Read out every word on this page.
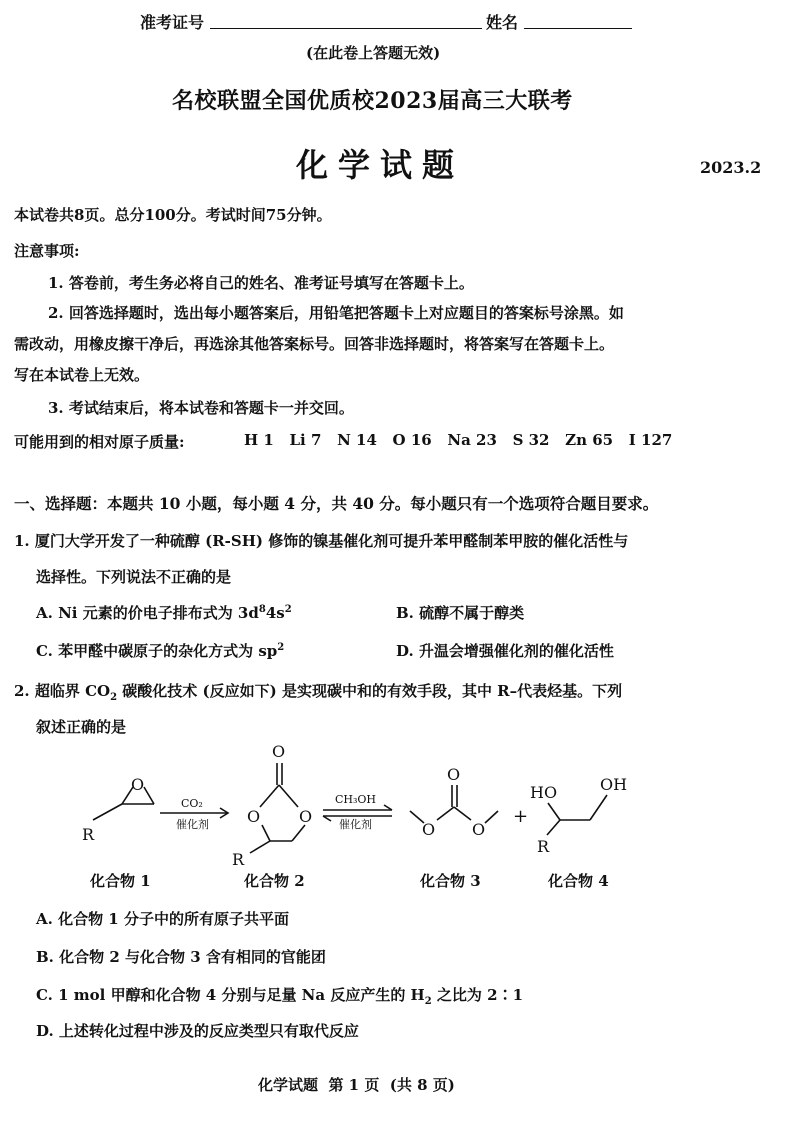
准考证号	姓名
(在此卷上答题无效)
名校联盟全国优质校2023届高三大联考
化学试题	2023.2
本试卷共8页。总分100分。考试时间75分钟。
注意事项:
1. 答卷前，考生务必将自己的姓名、准考证号填写在答题卡上。
2. 回答选择题时，选出每小题答案后，用铅笔把答题卡上对应题目的答案标号涂黑。如
需改动，用橡皮擦干净后，再选涂其他答案标号。回答非选择题时，将答案写在答题卡上。
写在本试卷上无效。
3. 考试结束后，将本试卷和答题卡一并交回。
可能用到的相对原子质量:	H 1   Li 7   N 14   O 16   Na 23   S 32   Zn 65   I 127
一、选择题：本题共 10 小题，每小题 4 分，共 40 分。每小题只有一个选项符合题目要求。
1. 厦门大学开发了一种硫醇 (R-SH) 修饰的镍基催化剂可提升苯甲醛制苯甲胺的催化活性与
选择性。下列说法不正确的是
A. Ni 元素的价电子排布式为 $3d^84s^2$	B. 硫醇不属于醇类
C. 苯甲醛中碳原子的杂化方式为 $sp^2$	D. 升温会增强催化剂的催化活性
2. 超临界 $CO_2$ 碳酸化技术 (反应如下) 是实现碳中和的有效手段，其中 R–代表烃基。下列
叙述正确的是
O
R
CO₂
催化剂
O
O O
R
CH₃OH
催化剂
O
O O
+
HO	OH
R
化合物 1	化合物 2	化合物 3	化合物 4
A. 化合物 1 分子中的所有原子共平面
B. 化合物 2 与化合物 3 含有相同的官能团
C. 1 mol 甲醇和化合物 4 分别与足量 Na 反应产生的 $H_2$ 之比为 2∶1
D. 上述转化过程中涉及的反应类型只有取代反应
化学试题  第 1 页  (共 8 页)
